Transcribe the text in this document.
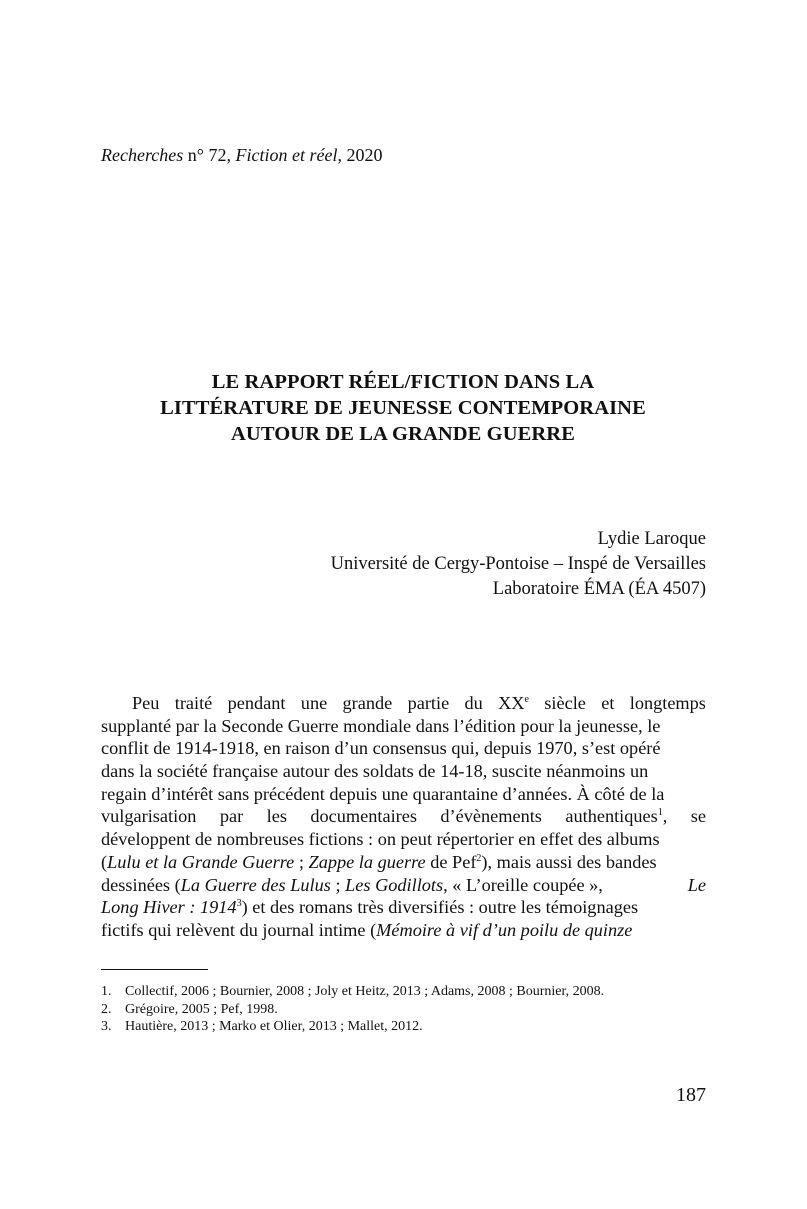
Recherches n° 72, Fiction et réel, 2020
LE RAPPORT RÉEL/FICTION DANS LA
LITTÉRATURE DE JEUNESSE CONTEMPORAINE
AUTOUR DE LA GRANDE GUERRE
Lydie Laroque
Université de Cergy-Pontoise – Inspé de Versailles
Laboratoire ÉMA (ÉA 4507)
Peu traité pendant une grande partie du XXe siècle et longtemps
supplanté par la Seconde Guerre mondiale dans l’édition pour la jeunesse, le
conflit de 1914-1918, en raison d’un consensus qui, depuis 1970, s’est opéré
dans la société française autour des soldats de 14-18, suscite néanmoins un
regain d’intérêt sans précédent depuis une quarantaine d’années. À côté de la
vulgarisation par les documentaires d’évènements authentiques$^1$, se
développent de nombreuses fictions : on peut répertorier en effet des albums
(Lulu et la Grande Guerre ; Zappe la guerre de Pef$^2$), mais aussi des bandes
dessinées (La Guerre des Lulus ; Les Godillots, « L’oreille coupée »,	Le
Long Hiver : 1914$^3$) et des romans très diversifiés : outre les témoignages
fictifs qui relèvent du journal intime (Mémoire à vif d’un poilu de quinze
1. Collectif, 2006 ; Bournier, 2008 ; Joly et Heitz, 2013 ; Adams, 2008 ; Bournier, 2008.
2. Grégoire, 2005 ; Pef, 1998.
3. Hautière, 2013 ; Marko et Olier, 2013 ; Mallet, 2012.
187
